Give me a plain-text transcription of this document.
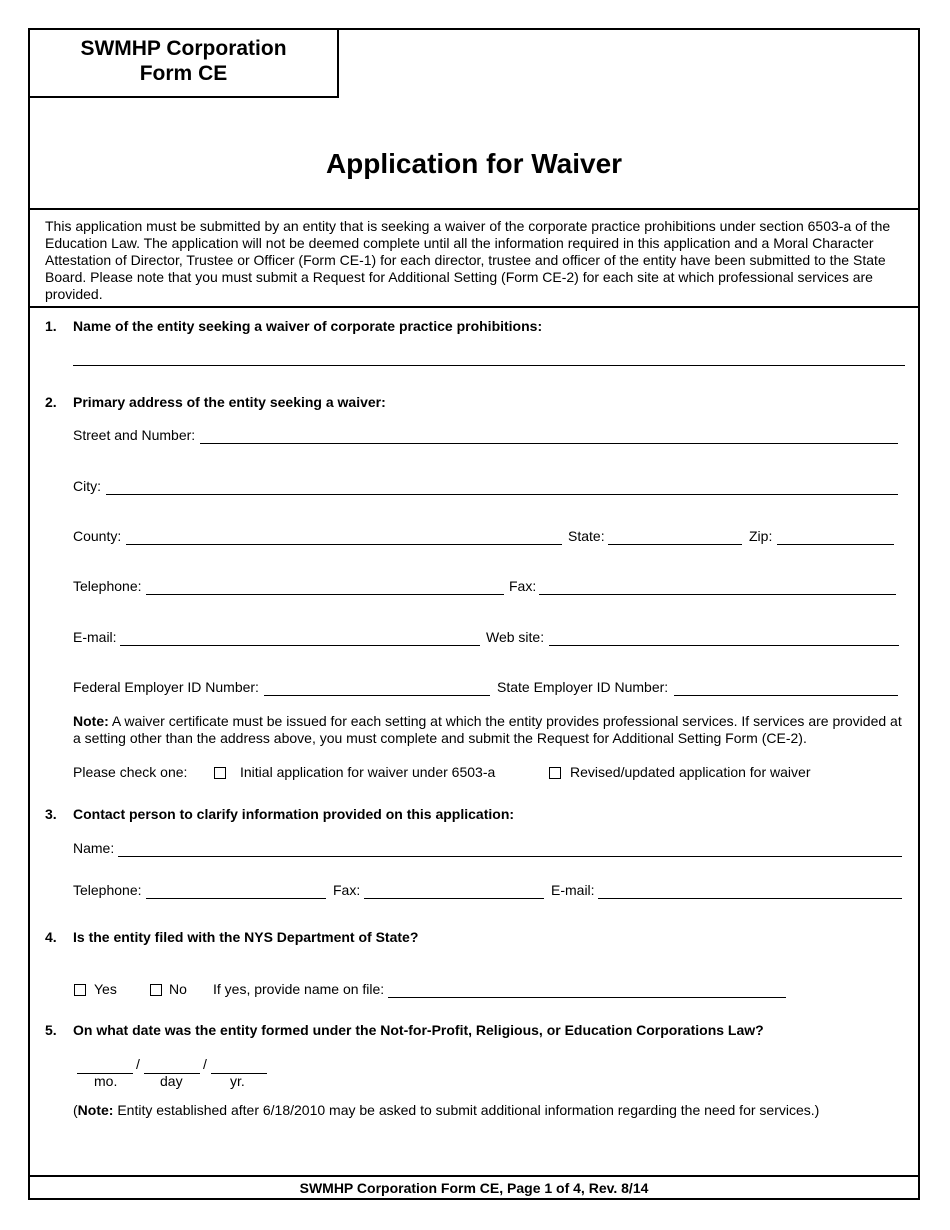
SWMHP Corporation
Form CE
Application for Waiver
This application must be submitted by an entity that is seeking a waiver of the corporate practice prohibitions under section 6503-a of the Education Law. The application will not be deemed complete until all the information required in this application and a Moral Character Attestation of Director, Trustee or Officer (Form CE-1) for each director, trustee and officer of the entity have been submitted to the State Board. Please note that you must submit a Request for Additional Setting (Form CE-2) for each site at which professional services are provided.
1. Name of the entity seeking a waiver of corporate practice prohibitions:
2. Primary address of the entity seeking a waiver:
Street and Number:
City:
County:	State:	Zip:
Telephone:	Fax:
E-mail:	Web site:
Federal Employer ID Number:	State Employer ID Number:
Note: A waiver certificate must be issued for each setting at which the entity provides professional services. If services are provided at a setting other than the address above, you must complete and submit the Request for Additional Setting Form (CE-2).
Please check one:	Initial application for waiver under 6503-a	Revised/updated application for waiver
3. Contact person to clarify information provided on this application:
Name:
Telephone:	Fax:	E-mail:
4. Is the entity filed with the NYS Department of State?
Yes	No If yes, provide name on file:
5. On what date was the entity formed under the Not-for-Profit, Religious, or Education Corporations Law?
/	/
mo.	day	yr.
(Note: Entity established after 6/18/2010 may be asked to submit additional information regarding the need for services.)
SWMHP Corporation Form CE, Page 1 of 4, Rev. 8/14
